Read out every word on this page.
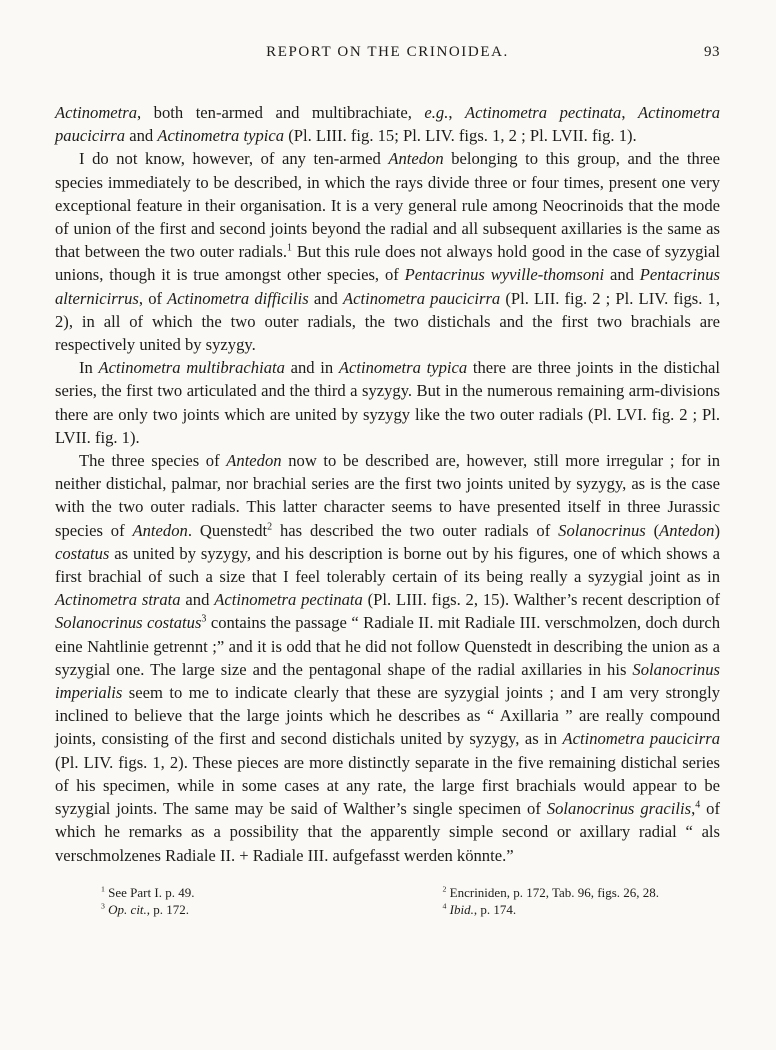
REPORT ON THE CRINOIDEA.	93

Actinometra, both ten-armed and multibrachiate, e.g., Actinometra pectinata, Actinometra paucicirra and Actinometra typica (Pl. LIII. fig. 15; Pl. LIV. figs. 1, 2 ; Pl. LVII. fig. 1).

I do not know, however, of any ten-armed Antedon belonging to this group, and the three species immediately to be described, in which the rays divide three or four times, present one very exceptional feature in their organisation. It is a very general rule among Neocrinoids that the mode of union of the first and second joints beyond the radial and all subsequent axillaries is the same as that between the two outer radials.$^1$ But this rule does not always hold good in the case of syzygial unions, though it is true amongst other species, of Pentacrinus wyville-thomsoni and Pentacrinus alternicirrus, of Actinometra difficilis and Actinometra paucicirra (Pl. LII. fig. 2 ; Pl. LIV. figs. 1, 2), in all of which the two outer radials, the two distichals and the first two brachials are respectively united by syzygy.

In Actinometra multibrachiata and in Actinometra typica there are three joints in the distichal series, the first two articulated and the third a syzygy. But in the numerous remaining arm-divisions there are only two joints which are united by syzygy like the two outer radials (Pl. LVI. fig. 2 ; Pl. LVII. fig. 1).

The three species of Antedon now to be described are, however, still more irregular ; for in neither distichal, palmar, nor brachial series are the first two joints united by syzygy, as is the case with the two outer radials. This latter character seems to have presented itself in three Jurassic species of Antedon. Quenstedt$^2$ has described the two outer radials of Solanocrinus (Antedon) costatus as united by syzygy, and his description is borne out by his figures, one of which shows a first brachial of such a size that I feel tolerably certain of its being really a syzygial joint as in Actinometra strata and Actinometra pectinata (Pl. LIII. figs. 2, 15). Walther’s recent description of Solanocrinus costatus$^3$ contains the passage “ Radiale II. mit Radiale III. verschmolzen, doch durch eine Nahtlinie getrennt ;” and it is odd that he did not follow Quenstedt in describing the union as a syzygial one. The large size and the pentagonal shape of the radial axillaries in his Solanocrinus imperialis seem to me to indicate clearly that these are syzygial joints ; and I am very strongly inclined to believe that the large joints which he describes as “ Axillaria ” are really compound joints, consisting of the first and second distichals united by syzygy, as in Actinometra paucicirra (Pl. LIV. figs. 1, 2). These pieces are more distinctly separate in the five remaining distichal series of his specimen, while in some cases at any rate, the large first brachials would appear to be syzygial joints. The same may be said of Walther’s single specimen of Solanocrinus gracilis,$^4$ of which he remarks as a possibility that the apparently simple second or axillary radial “ als verschmolzenes Radiale II. + Radiale III. aufgefasst werden könnte.”

$^1$ See Part I. p. 49.
$^3$ Op. cit., p. 172.
$^2$ Encriniden, p. 172, Tab. 96, figs. 26, 28.
$^4$ Ibid., p. 174.
